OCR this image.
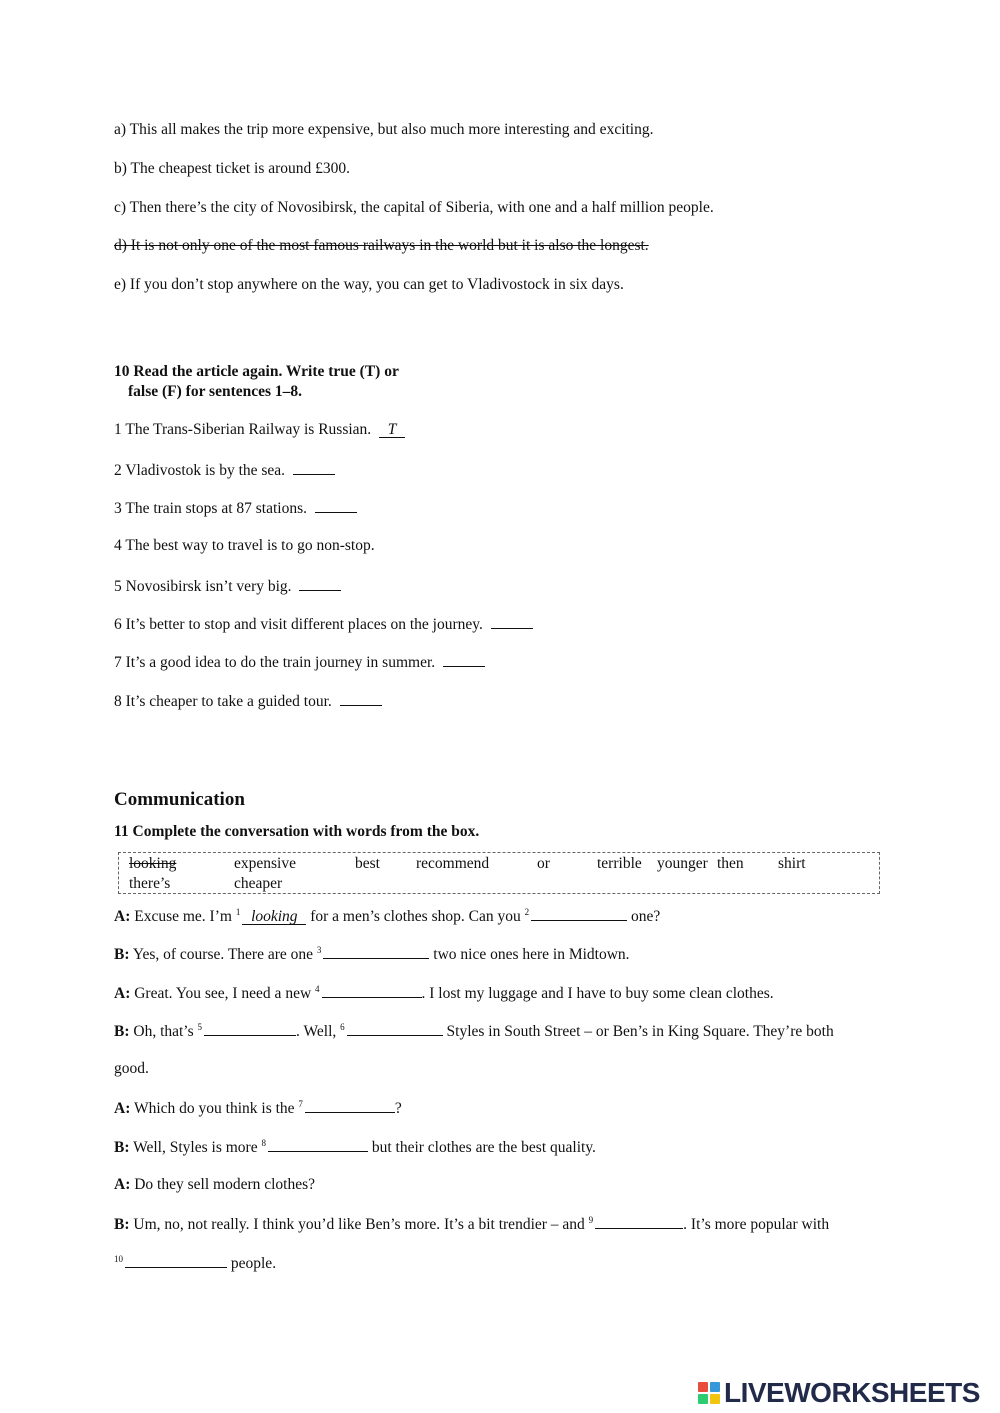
a) This all makes the trip more expensive, but also much more interesting and exciting.
b) The cheapest ticket is around £300.
c) Then there’s the city of Novosibirsk, the capital of Siberia, with one and a half million people.
d) It is not only one of the most famous railways in the world but it is also the longest.
e) If you don’t stop anywhere on the way, you can get to Vladivostock in six days.
10 Read the article again. Write true (T) or
false (F) for sentences 1–8.
1 The Trans-Siberian Railway is Russian. T
2 Vladivostok is by the sea.
3 The train stops at 87 stations.
4 The best way to travel is to go non-stop.
5 Novosibirsk isn’t very big.
6 It’s better to stop and visit different places on the journey.
7 It’s a good idea to do the train journey in summer.
8 It’s cheaper to take a guided tour.
Communication
11 Complete the conversation with words from the box.
looking	expensive	best recommend	or	terrible younger then shirt
there’s	cheaper
A: Excuse me. I’m $^1$ looking for a men’s clothes shop. Can you $^2$	one?
B: Yes, of course. There are one $^3$	two nice ones here in Midtown.
A: Great. You see, I need a new $^4$	. I lost my luggage and I have to buy some clean clothes.
B: Oh, that’s $^5$	. Well, $^6$	Styles in South Street – or Ben’s in King Square. They’re both
good.
A: Which do you think is the $^7$	?
B: Well, Styles is more $^8$	but their clothes are the best quality.
A: Do they sell modern clothes?
B: Um, no, not really. I think you’d like Ben’s more. It’s a bit trendier – and $^9$	. It’s more popular with
$^{10}$	people.
LIVEWORKSHEETS
